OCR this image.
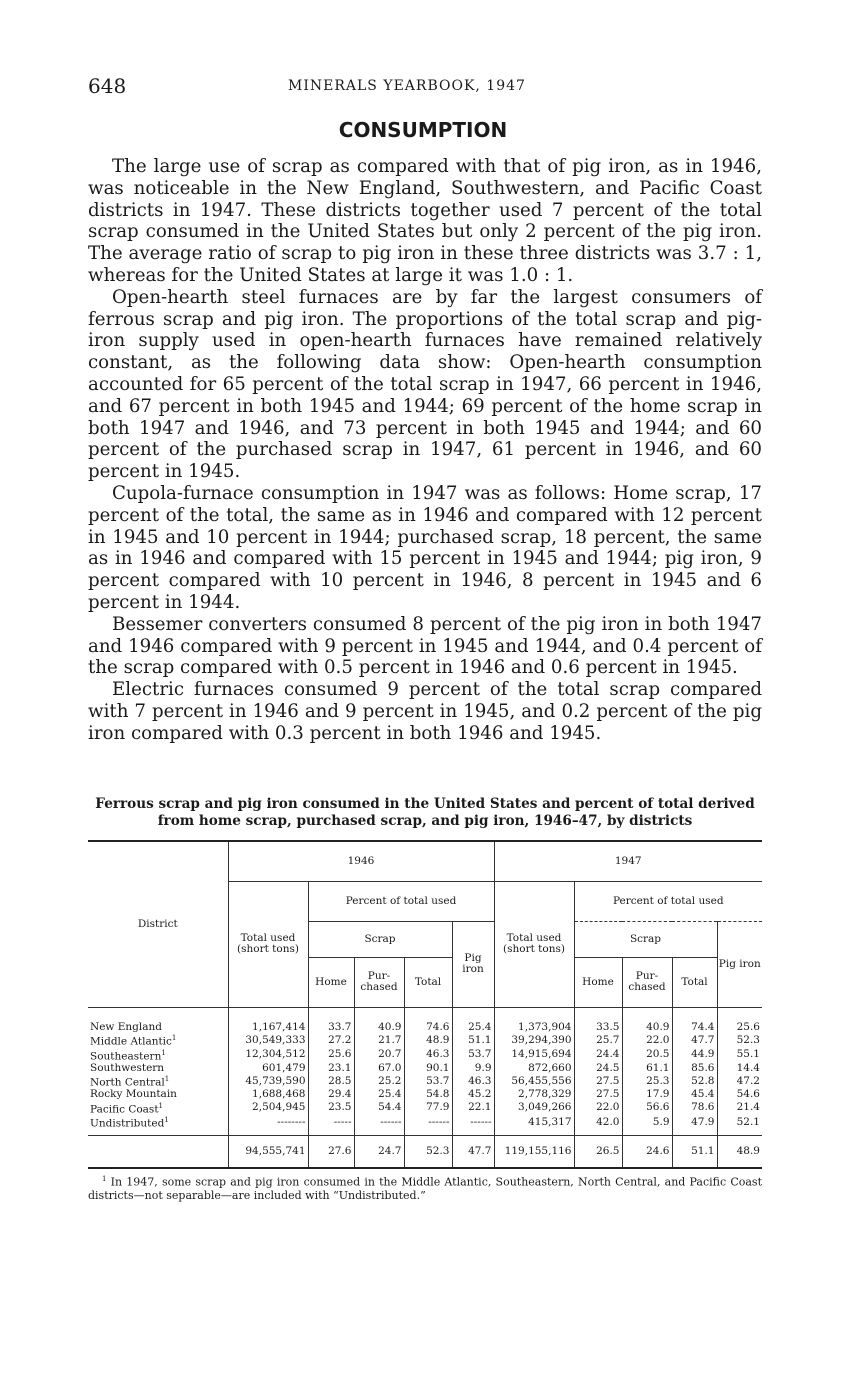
648	MINERALS YEARBOOK, 1947
CONSUMPTION

The large use of scrap as compared with that of pig iron, as in 1946, was noticeable in the New England, Southwestern, and Pacific Coast districts in 1947. These districts together used 7 percent of the total scrap consumed in the United States but only 2 percent of the pig iron. The average ratio of scrap to pig iron in these three districts was 3.7 : 1, whereas for the United States at large it was 1.0 : 1.

Open-hearth steel furnaces are by far the largest consumers of ferrous scrap and pig iron. The proportions of the total scrap and pig-iron supply used in open-hearth furnaces have remained relatively constant, as the following data show: Open-hearth consumption accounted for 65 percent of the total scrap in 1947, 66 percent in 1946, and 67 percent in both 1945 and 1944; 69 percent of the home scrap in both 1947 and 1946, and 73 percent in both 1945 and 1944; and 60 percent of the purchased scrap in 1947, 61 percent in 1946, and 60 percent in 1945.

Cupola-furnace consumption in 1947 was as follows: Home scrap, 17 percent of the total, the same as in 1946 and compared with 12 percent in 1945 and 10 percent in 1944; purchased scrap, 18 percent, the same as in 1946 and compared with 15 percent in 1945 and 1944; pig iron, 9 percent compared with 10 percent in 1946, 8 percent in 1945 and 6 percent in 1944.

Bessemer converters consumed 8 percent of the pig iron in both 1947 and 1946 compared with 9 percent in 1945 and 1944, and 0.4 percent of the scrap compared with 0.5 percent in 1946 and 0.6 percent in 1945.

Electric furnaces consumed 9 percent of the total scrap compared with 7 percent in 1946 and 9 percent in 1945, and 0.2 percent of the pig iron compared with 0.3 percent in both 1946 and 1945.

Ferrous scrap and pig iron consumed in the United States and percent of total derived from home scrap, purchased scrap, and pig iron, 1946–47, by districts
District	1946					1947				
	Total used (short tons)	Percent of total used				Total used (short tons)	Percent of total used			
		Scrap			Pig iron		Scrap			Pig iron
		Home	Pur-chased	Total			Home	Pur-chased	Total	

New England	1,167,414	33.7	40.9	74.6	25.4	1,373,904	33.5	40.9	74.4	25.6
Middle Atlantic$^1$	30,549,333	27.2	21.7	48.9	51.1	39,294,390	25.7	22.0	47.7	52.3
Southeastern$^1$	12,304,512	25.6	20.7	46.3	53.7	14,915,694	24.4	20.5	44.9	55.1
Southwestern	601,479	23.1	67.0	90.1	9.9	872,660	24.5	61.1	85.6	14.4
North Central$^1$	45,739,590	28.5	25.2	53.7	46.3	56,455,556	27.5	25.3	52.8	47.2
Rocky Mountain	1,688,468	29.4	25.4	54.8	45.2	2,778,329	27.5	17.9	45.4	54.6
Pacific Coast$^1$	2,504,945	23.5	54.4	77.9	22.1	3,049,266	22.0	56.6	78.6	21.4
Undistributed$^1$	--------	-----	------	------	------	415,317	42.0	5.9	47.9	52.1

	94,555,741	27.6	24.7	52.3	47.7	119,155,116	26.5	24.6	51.1	48.9

$^1$ In 1947, some scrap and pig iron consumed in the Middle Atlantic, Southeastern, North Central, and Pacific Coast districts—not separable—are included with “Undistributed.”
